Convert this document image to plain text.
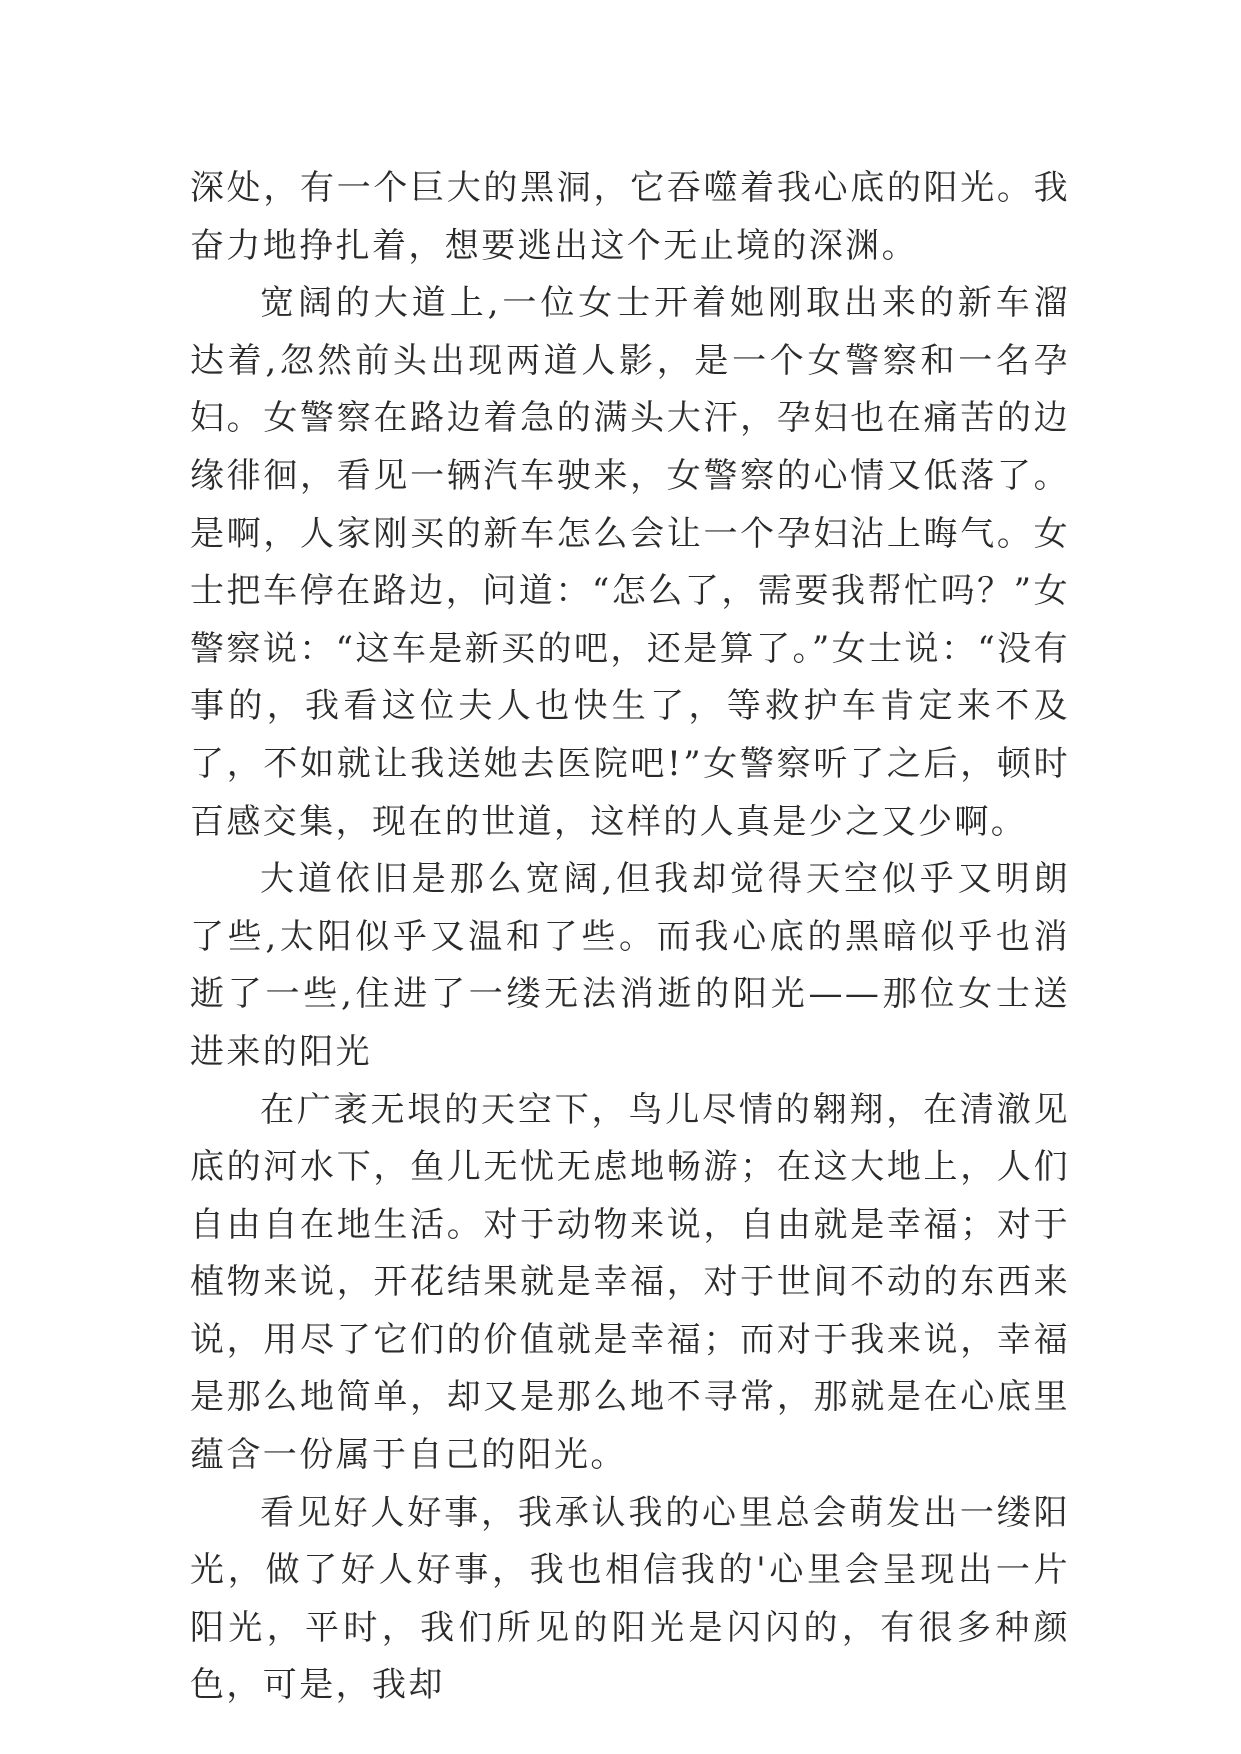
深处，有一个巨大的黑洞，它吞噬着我心底的阳光。我奋力地挣扎着，想要逃出这个无止境的深渊。

宽阔的大道上,一位女士开着她刚取出来的新车溜达着,忽然前头出现两道人影，是一个女警察和一名孕妇。女警察在路边着急的满头大汗，孕妇也在痛苦的边缘徘徊，看见一辆汽车驶来，女警察的心情又低落了。是啊，人家刚买的新车怎么会让一个孕妇沾上晦气。女士把车停在路边，问道：“怎么了，需要我帮忙吗？”女警察说：“这车是新买的吧，还是算了。”女士说：“没有事的，我看这位夫人也快生了，等救护车肯定来不及了，不如就让我送她去医院吧!”女警察听了之后，顿时百感交集，现在的世道，这样的人真是少之又少啊。

大道依旧是那么宽阔,但我却觉得天空似乎又明朗了些,太阳似乎又温和了些。而我心底的黑暗似乎也消逝了一些,住进了一缕无法消逝的阳光——那位女士送进来的阳光

在广袤无垠的天空下，鸟儿尽情的翱翔，在清澈见底的河水下，鱼儿无忧无虑地畅游；在这大地上，人们自由自在地生活。对于动物来说，自由就是幸福；对于植物来说，开花结果就是幸福，对于世间不动的东西来说，用尽了它们的价值就是幸福；而对于我来说，幸福是那么地简单，却又是那么地不寻常，那就是在心底里蕴含一份属于自己的阳光。

看见好人好事，我承认我的心里总会萌发出一缕阳光，做了好人好事，我也相信我的'心里会呈现出一片阳光，平时，我们所见的阳光是闪闪的，有很多种颜色，可是，我却
